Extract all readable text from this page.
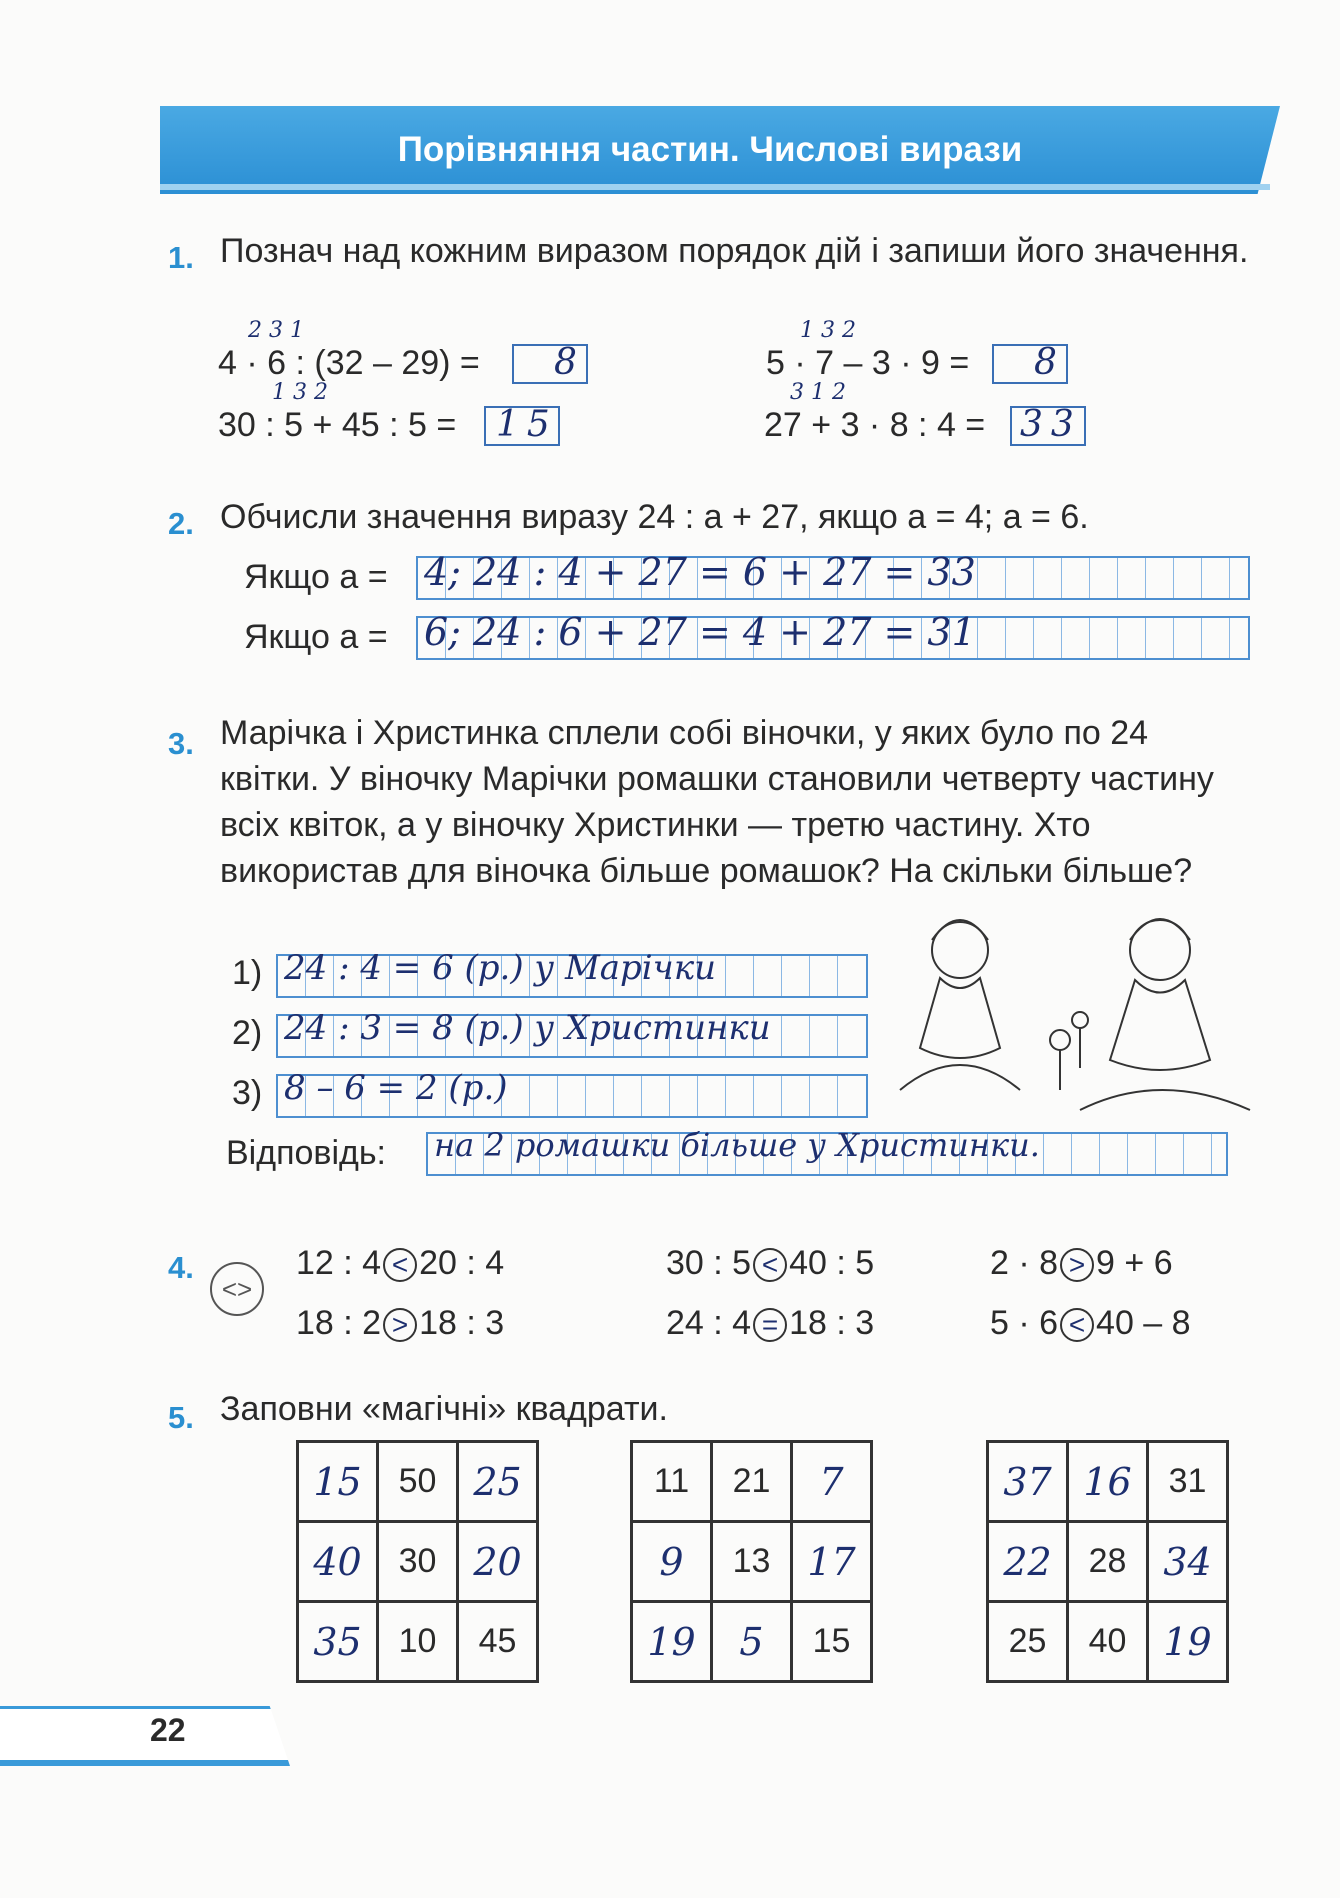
Порівняння частин. Числові вирази
1. Познач над кожним виразом порядок дій і запиши його значення.
2 3 1
4 · 6 : (32 – 29) = 8
1 3 2
5 · 7 – 3 · 9 = 8
1 3 2
30 : 5 + 45 : 5 = 15
3 1 2
27 + 3 · 8 : 4 = 33
2. Обчисли значення виразу 24 : a + 27, якщо a = 4; a = 6.
Якщо a = 4; 24 : 4 + 27 = 6 + 27 = 33
Якщо a = 6; 24 : 6 + 27 = 4 + 27 = 31
3. Марічка і Христинка сплели собі віночки, у яких було по 24 квітки. У віночку Марічки ромашки становили четверту частину всіх квіток, а у віночку Христинки — третю частину. Хто використав для віночка більше ромашок? На скільки більше?
1) 24 : 4 = 6 (р.) у Марічки
2) 24 : 3 = 8 (р.) у Христинки
3) 8 – 6 = 2 (р.)
Відповідь: на 2 ромашки більше у Христинки.
4.
<>
12 : 4 < 20 : 4	30 : 5 < 40 : 5	2 · 8 > 9 + 6
18 : 2 > 18 : 3	24 : 4 = 18 : 3	5 · 6 < 40 – 8
5. Заповни «магічні» квадрати.
15	50	25
40	30	20
35	10	45
11	21	7
9	13	17
19	5	15
37	16	31
22	28	34
25	40	19
22
